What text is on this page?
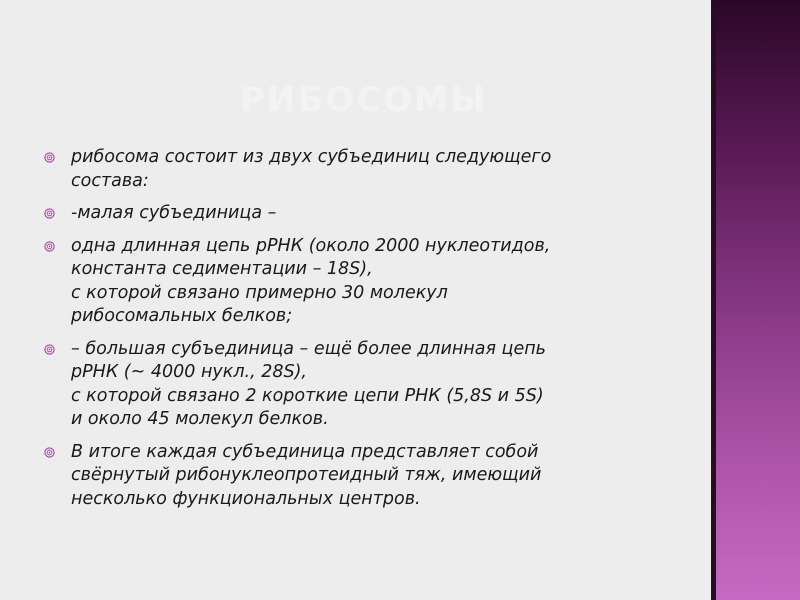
РИБОСОМЫ
рибосома состоит из двух субъединиц следующего
состава:
-малая субъединица –
одна длинная цепь рРНК (около 2000 нуклеотидов,
константа седиментации – 18S),
с которой связано примерно 30 молекул
рибосомальных белков;
– большая субъединица – ещё более длинная цепь
рРНК (~ 4000 нукл., 28S),
с которой связано 2 короткие цепи РНК (5,8S и 5S)
и около 45 молекул белков.
В итоге каждая субъединица представляет собой
свёрнутый рибонуклеопротеидный тяж, имеющий
несколько функциональных центров.
